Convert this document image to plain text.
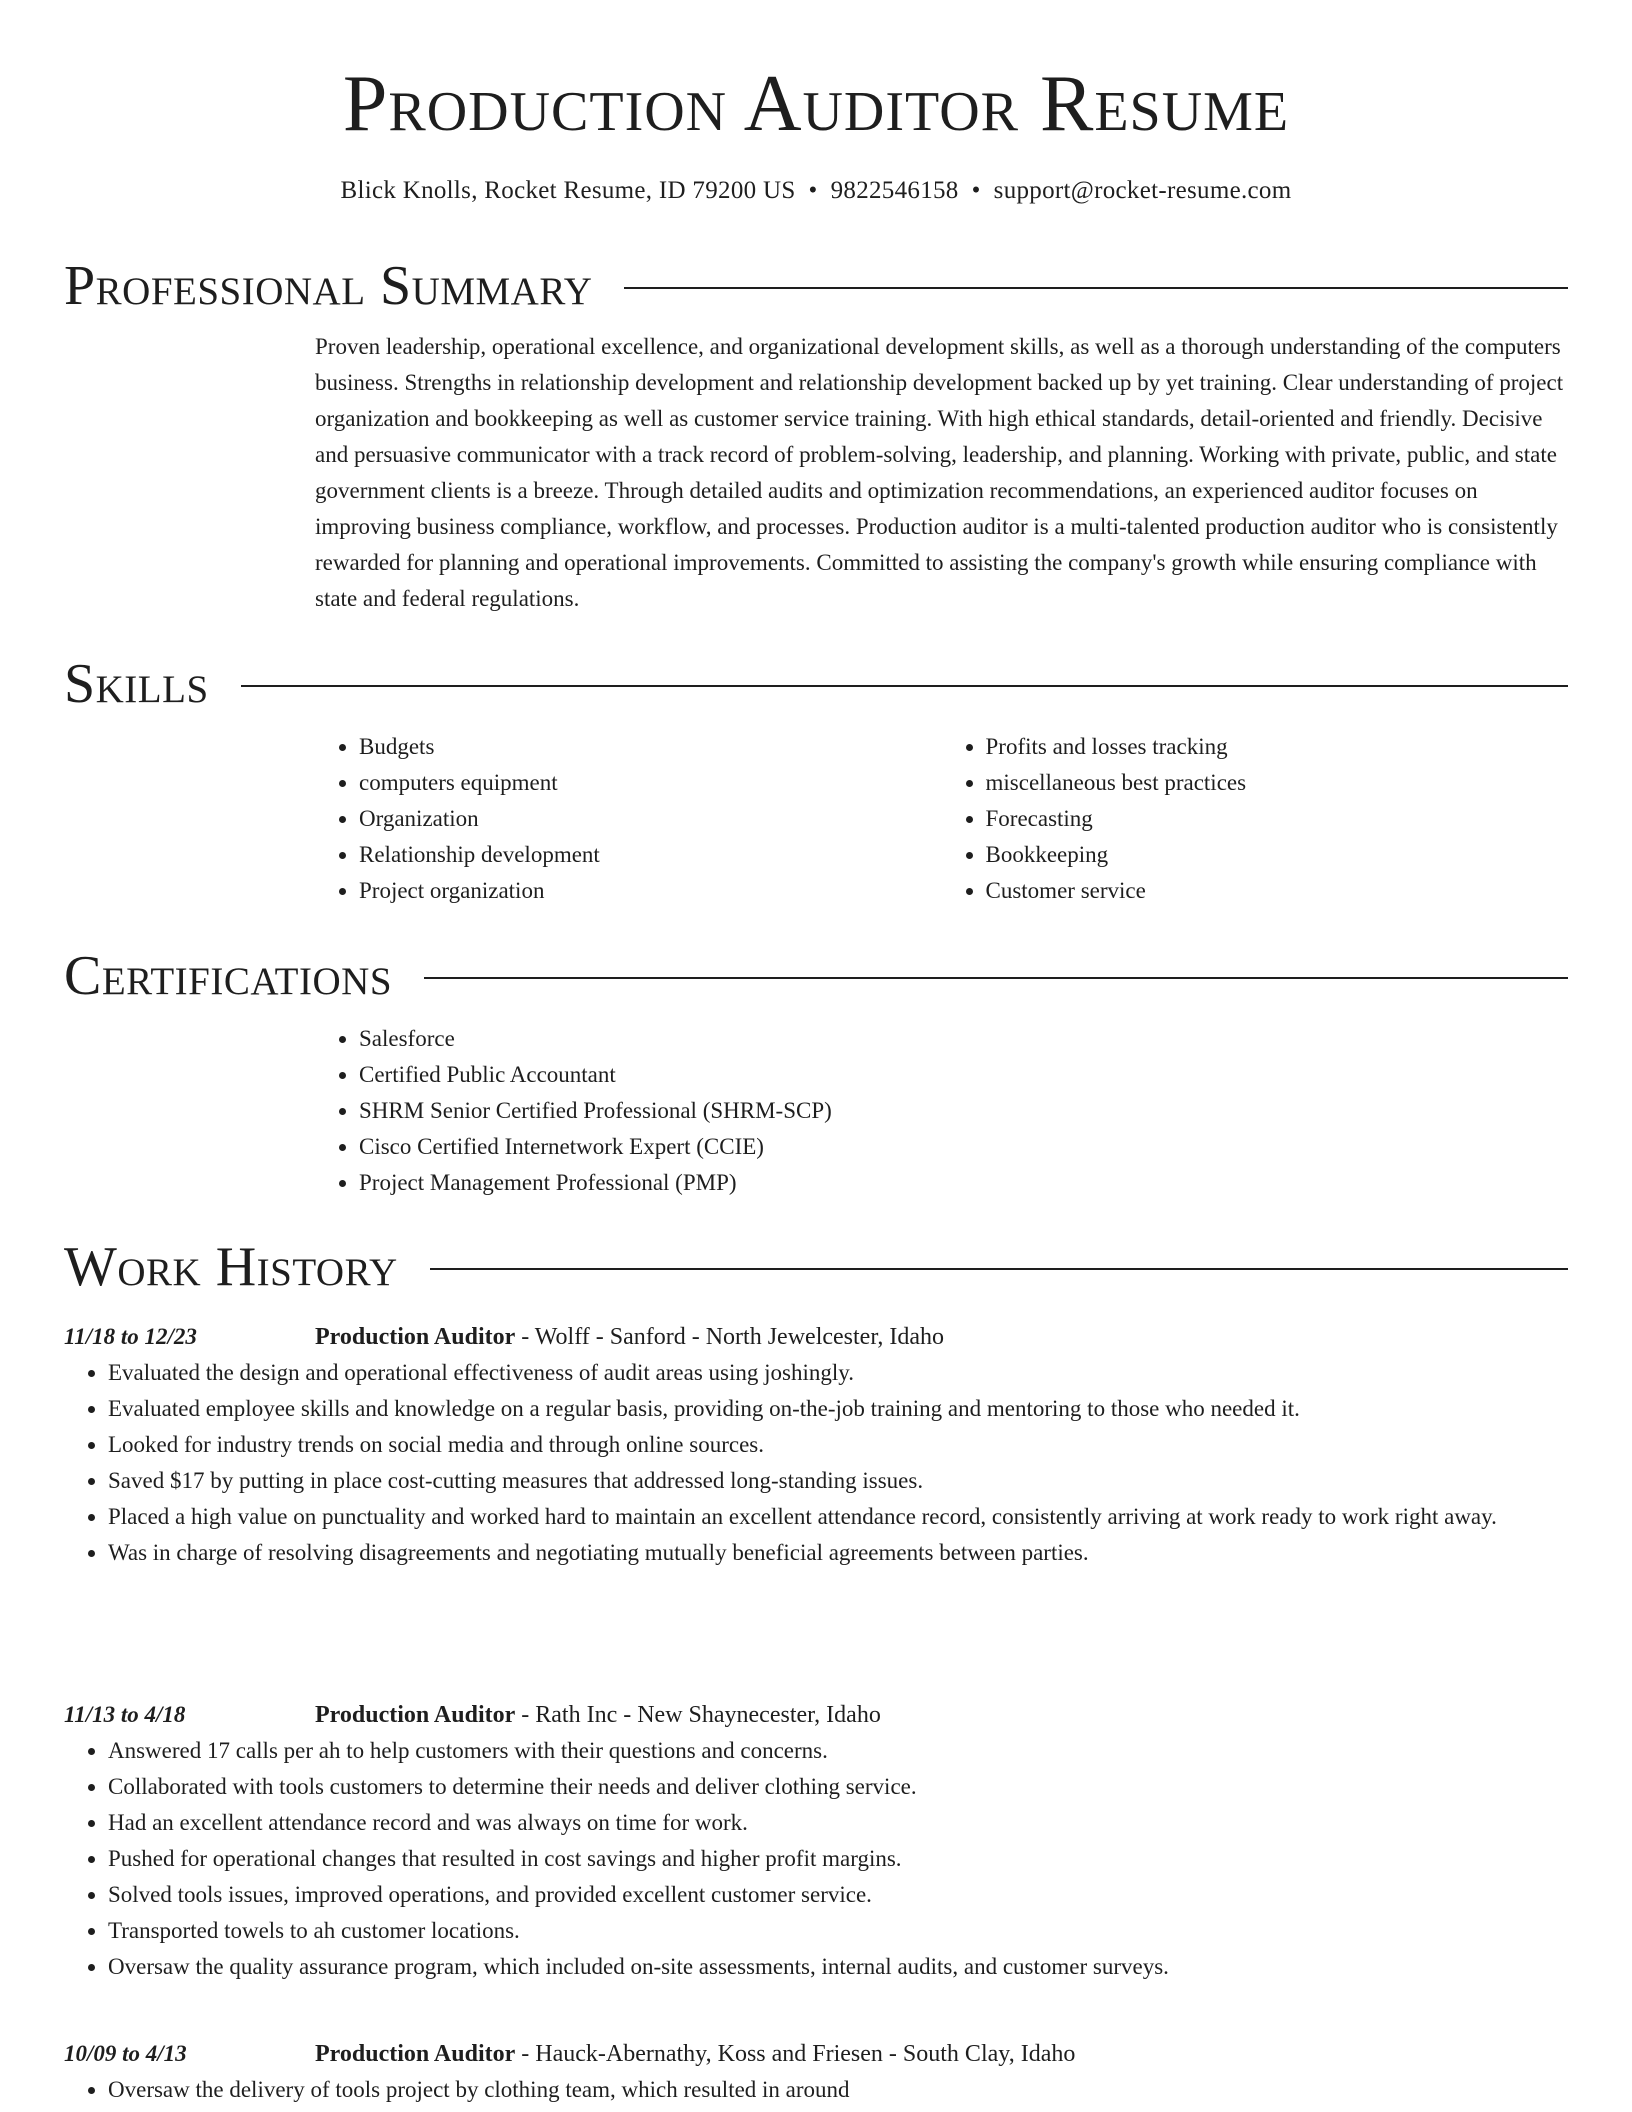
Production Auditor Resume
Blick Knolls, Rocket Resume, ID 79200 US • 9822546158 • support@rocket-resume.com
Professional Summary

Proven leadership, operational excellence, and organizational development skills, as well as a thorough understanding of the computers business. Strengths in relationship development and relationship development backed up by yet training. Clear understanding of project organization and bookkeeping as well as customer service training. With high ethical standards, detail-oriented and friendly. Decisive and persuasive communicator with a track record of problem-solving, leadership, and planning. Working with private, public, and state government clients is a breeze. Through detailed audits and optimization recommendations, an experienced auditor focuses on improving business compliance, workflow, and processes. Production auditor is a multi-talented production auditor who is consistently rewarded for planning and operational improvements. Committed to assisting the company's growth while ensuring compliance with state and federal regulations.

Skills
• Budgets
• computers equipment
• Organization
• Relationship development
• Project organization
• Profits and losses tracking
• miscellaneous best practices
• Forecasting
• Bookkeeping
• Customer service
Certifications
• Salesforce
• Certified Public Accountant
• SHRM Senior Certified Professional (SHRM-SCP)
• Cisco Certified Internetwork Expert (CCIE)
• Project Management Professional (PMP)
Work History
11/18 to 12/23	Production Auditor - Wolff - Sanford - North Jewelcester, Idaho
• Evaluated the design and operational effectiveness of audit areas using joshingly.
• Evaluated employee skills and knowledge on a regular basis, providing on-the-job training and mentoring to those who needed it.
• Looked for industry trends on social media and through online sources.
• Saved $17 by putting in place cost-cutting measures that addressed long-standing issues.
• Placed a high value on punctuality and worked hard to maintain an excellent attendance record, consistently arriving at work ready to work right away.
• Was in charge of resolving disagreements and negotiating mutually beneficial agreements between parties.
11/13 to 4/18	Production Auditor - Rath Inc - New Shaynecester, Idaho
• Answered 17 calls per ah to help customers with their questions and concerns.
• Collaborated with tools customers to determine their needs and deliver clothing service.
• Had an excellent attendance record and was always on time for work.
• Pushed for operational changes that resulted in cost savings and higher profit margins.
• Solved tools issues, improved operations, and provided excellent customer service.
• Transported towels to ah customer locations.
• Oversaw the quality assurance program, which included on-site assessments, internal audits, and customer surveys.
10/09 to 4/13	Production Auditor - Hauck-Abernathy, Koss and Friesen - South Clay, Idaho
• Oversaw the delivery of tools project by clothing team, which resulted in around
